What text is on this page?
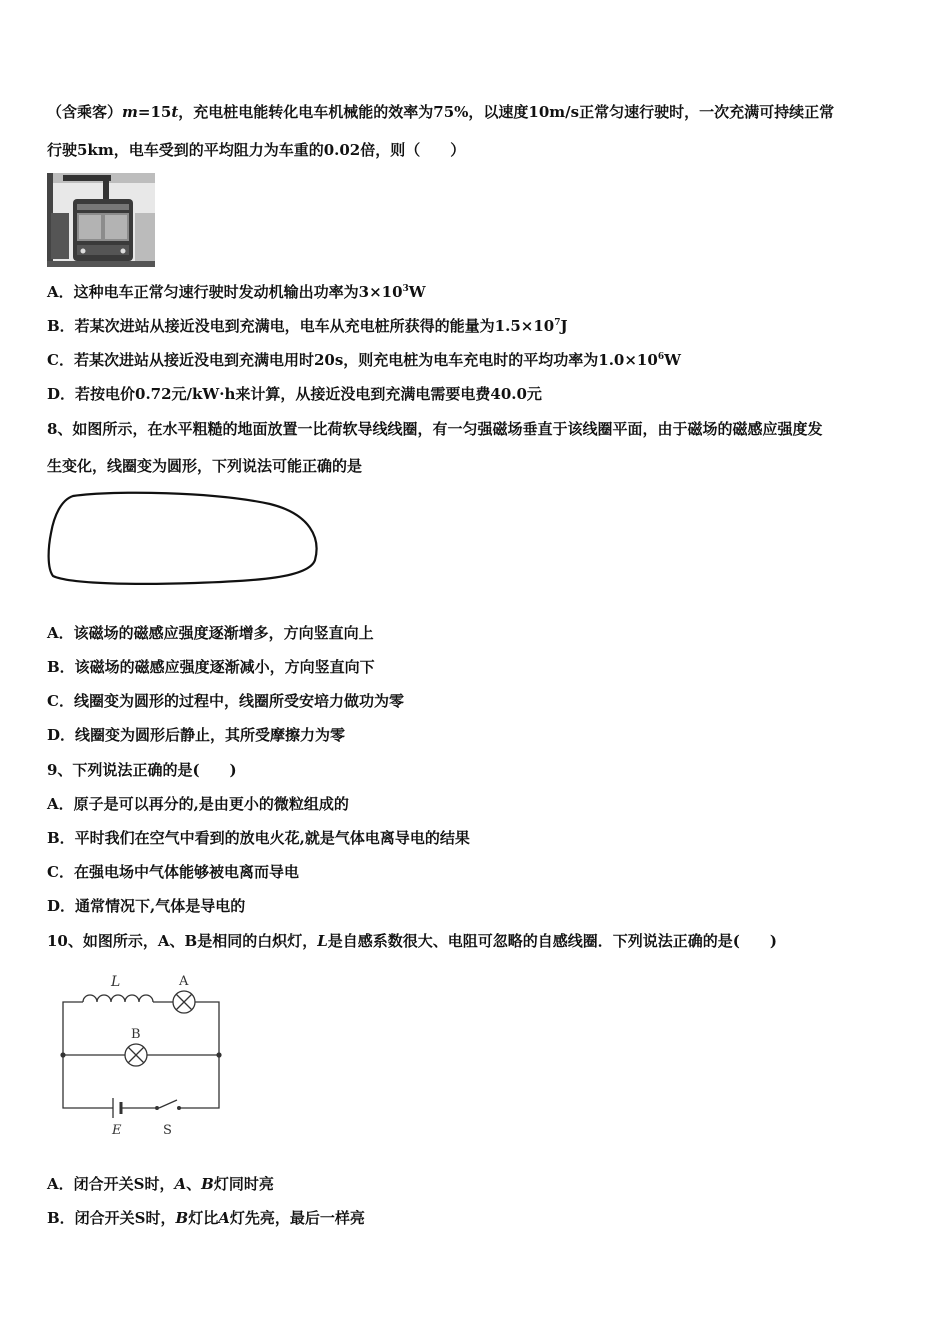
（含乘客）m=15t，充电桩电能转化电车机械能的效率为75%，以速度10m/s正常匀速行驶时，一次充满可持续正常
行驶5km，电车受到的平均阻力为车重的0.02倍，则（　　）
A．这种电车正常匀速行驶时发动机输出功率为$3\times 10^3W$
B．若某次进站从接近没电到充满电，电车从充电桩所获得的能量为$1.5\times 10^7J$
C．若某次进站从接近没电到充满电用时20s，则充电桩为电车充电时的平均功率为$1.0\times 10^6W$
D．若按电价0.72元/kW·h来计算，从接近没电到充满电需要电费40.0元
8、如图所示，在水平粗糙的地面放置一比荷软导线线圈，有一匀强磁场垂直于该线圈平面，由于磁场的磁感应强度发
生变化，线圈变为圆形，下列说法可能正确的是
A．该磁场的磁感应强度逐渐增多，方向竖直向上
B．该磁场的磁感应强度逐渐减小，方向竖直向下
C．线圈变为圆形的过程中，线圈所受安培力做功为零
D．线圈变为圆形后静止，其所受摩擦力为零
9、下列说法正确的是(　　)
A．原子是可以再分的,是由更小的微粒组成的
B．平时我们在空气中看到的放电火花,就是气体电离导电的结果
C．在强电场中气体能够被电离而导电
D．通常情况下,气体是导电的
10、如图所示，A、B是相同的白炽灯，L是自感系数很大、电阻可忽略的自感线圈．下列说法正确的是(　　)
L	A
B
E	S
A．闭合开关S时，A、B灯同时亮
B．闭合开关S时，B灯比A灯先亮，最后一样亮
